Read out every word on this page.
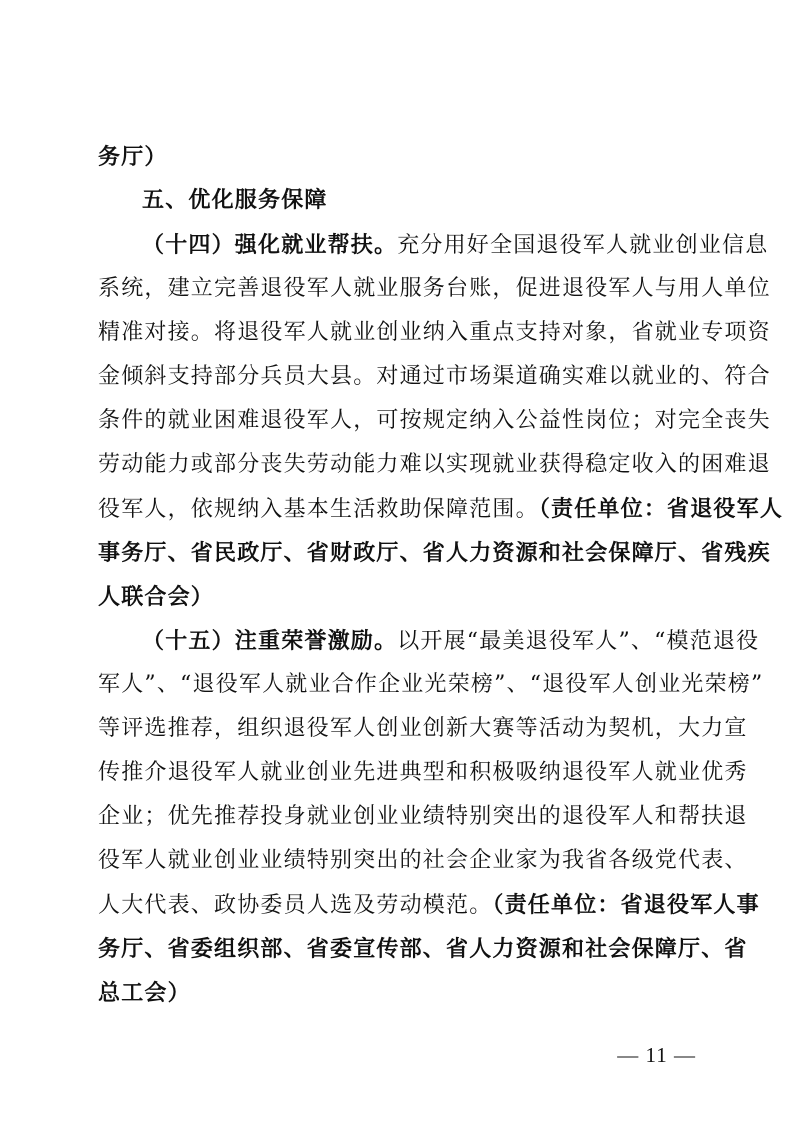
务厅）
五、优化服务保障
（十四）强化就业帮扶。充分用好全国退役军人就业创业信息
系统，建立完善退役军人就业服务台账，促进退役军人与用人单位
精准对接。将退役军人就业创业纳入重点支持对象，省就业专项资
金倾斜支持部分兵员大县。对通过市场渠道确实难以就业的、符合
条件的就业困难退役军人，可按规定纳入公益性岗位；对完全丧失
劳动能力或部分丧失劳动能力难以实现就业获得稳定收入的困难退
役军人，依规纳入基本生活救助保障范围。（责任单位：省退役军人
事务厅、省民政厅、省财政厅、省人力资源和社会保障厅、省残疾
人联合会）
（十五）注重荣誉激励。以开展“最美退役军人”、“模范退役
军人”、“退役军人就业合作企业光荣榜”、“退役军人创业光荣榜”
等评选推荐，组织退役军人创业创新大赛等活动为契机，大力宣
传推介退役军人就业创业先进典型和积极吸纳退役军人就业优秀
企业；优先推荐投身就业创业业绩特别突出的退役军人和帮扶退
役军人就业创业业绩特别突出的社会企业家为我省各级党代表、
人大代表、政协委员人选及劳动模范。（责任单位：省退役军人事
务厅、省委组织部、省委宣传部、省人力资源和社会保障厅、省
总工会）
— 11 —
